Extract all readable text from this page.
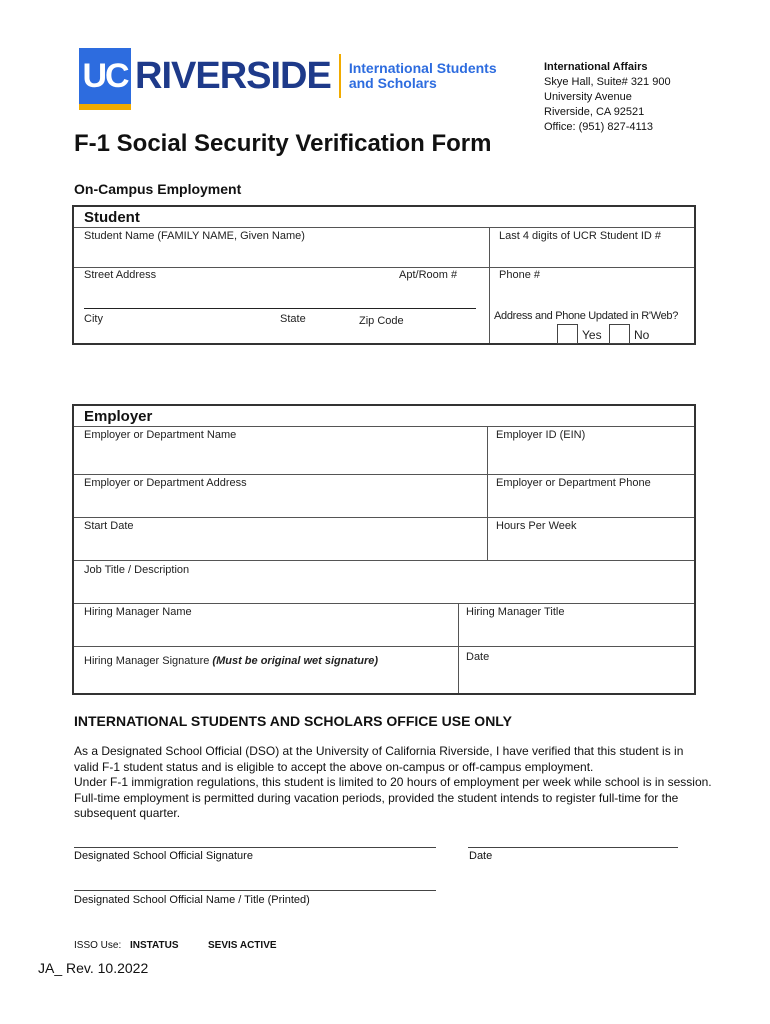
UC RIVERSIDE International Students
and Scholars
International Affairs
Skye Hall, Suite# 321 900
University Avenue
Riverside, CA 92521
Office: (951) 827-4113
F-1 Social Security Verification Form
On-Campus Employment
Student
Student Name (FAMILY NAME, Given Name)	Last 4 digits of UCR Student ID #
Street Address	Apt/Room #	Phone #
City	State	Zip Code	Address and Phone Updated in R'Web?
Yes	No
Employer
Employer or Department Name	Employer ID (EIN)
Employer or Department Address	Employer or Department Phone
Start Date	Hours Per Week
Job Title / Description
Hiring Manager Name	Hiring Manager Title
Hiring Manager Signature (Must be original wet signature)	Date
INTERNATIONAL STUDENTS AND SCHOLARS OFFICE USE ONLY
As a Designated School Official (DSO) at the University of California Riverside, I have verified that this student is in valid F-1 student status and is eligible to accept the above on-campus or off-campus employment.
Under F-1 immigration regulations, this student is limited to 20 hours of employment per week while school is in session.
Full-time employment is permitted during vacation periods, provided the student intends to register full-time for the subsequent quarter.
Designated School Official Signature	Date
Designated School Official Name / Title (Printed)
ISSO Use: INSTATUS	SEVIS ACTIVE
JA_ Rev. 10.2022
